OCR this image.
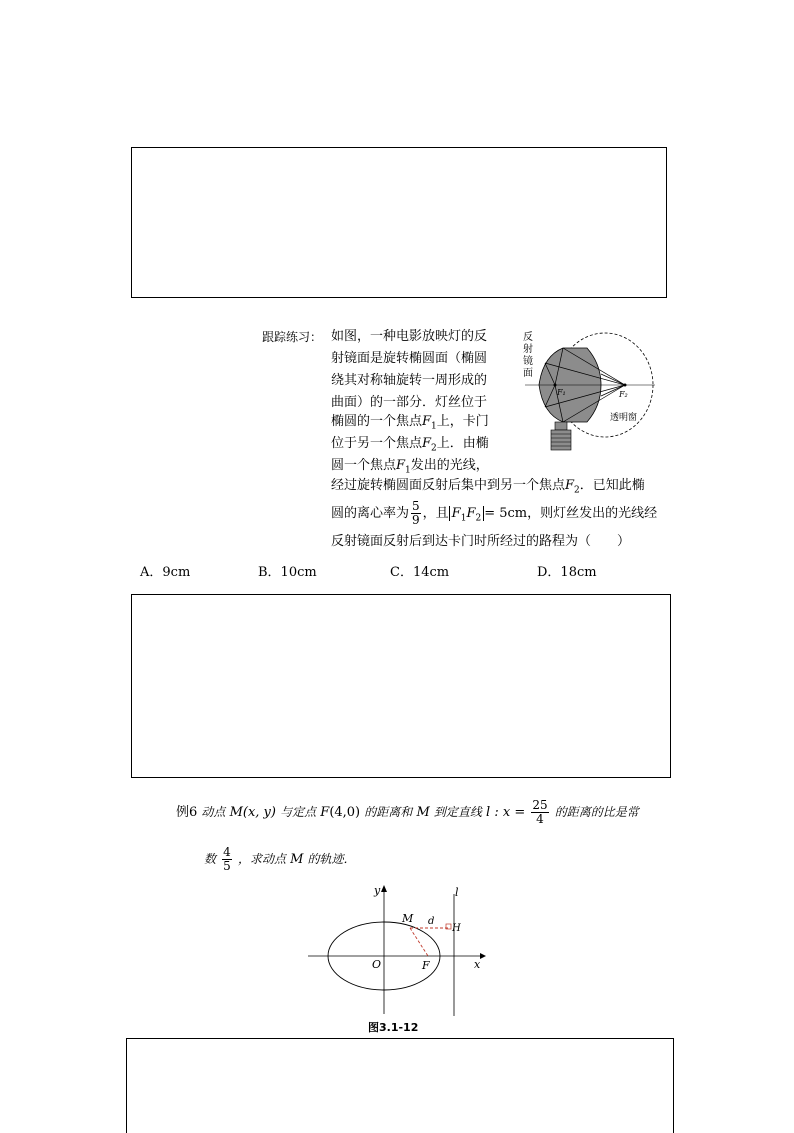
跟踪练习： 如图，一种电影放映灯的反
射镜面是旋转椭圆面（椭圆
绕其对称轴旋转一周形成的
曲面）的一部分．灯丝位于
椭圆的一个焦点$F_1$上，卡门
位于另一个焦点$F_2$上．由椭
圆一个焦点$F_1$发出的光线，
经过旋转椭圆面反射后集中到另一个焦点$F_2$．已知此椭
圆的离心率为 $\frac{5}{9}$ ，且 $F_1F_2 = 5cm$，则灯丝发出的光线经
反射镜面反射后到达卡门时所经过的路程为（　　）
A．9cm	B．10cm	C．14cm	D．18cm
反
射
镜
面
F₁	F₂
透明窗
例6 动点 M(x, y) 与定点 F(4,0) 的距离和 M 到定直线 l : $x = \frac{25}{4}$ 的距离的比是常
数 $\frac{4}{5}$ ，求动点 M 的轨迹．
y	l
M d
H
O	F	x
图3.1-12
